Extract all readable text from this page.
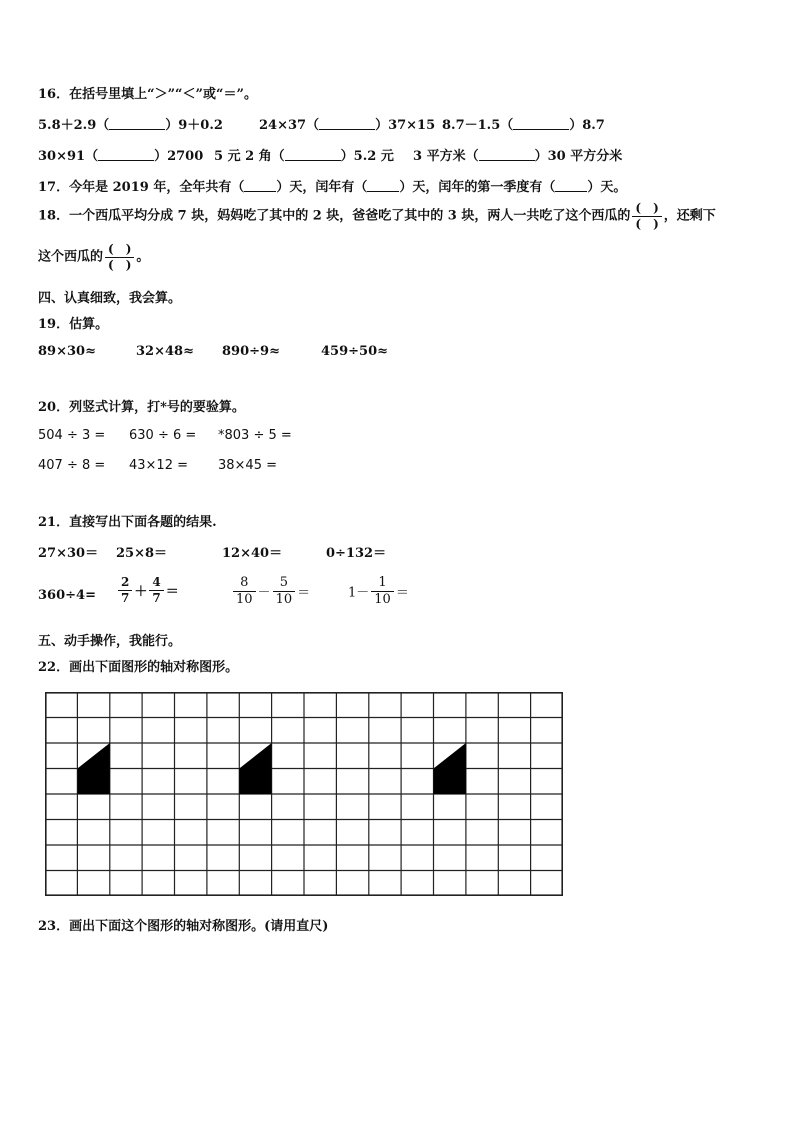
16．在括号里填上“＞”“＜”或“＝”。
5.8＋2.9（	）9＋0.2	24×37（	）37×15 8.7－1.5（	）8.7
30×91（	）2700 5 元 2 角（	）5.2 元 3 平方米（	）30 平方分米
17．今年是 2019 年，全年共有（ ）天，闰年有（ ）天，闰年的第一季度有（ ）天。
18．一个西瓜平均分成 7 块，妈妈吃了其中的 2 块，爸爸吃了其中的 3 块，两人一共吃了这个西瓜的 $\frac{( )}{( )}$ ，还剩下
这个西瓜的 $\frac{( )}{( )}$ 。
四、认真细致，我会算。
19．估算。
89×30≈	32×48≈ 890÷9≈	459÷50≈
20．列竖式计算，打*号的要验算。
504 ÷ 3 = 630 ÷ 6 = *803 ÷ 5 =
407 ÷ 8 = 43×12 = 38×45 =
21．直接写出下面各题的结果.
27×30＝ 25×8＝	12×40＝	0÷132＝
$360\div 4= \frac{2}{7} + \frac{4}{7}$ ＝	$\frac{8}{10} - \frac{5}{10}$ ＝	$1- \frac{1}{10}$ ＝
五、动手操作，我能行。
22．画出下面图形的轴对称图形。
23．画出下面这个图形的轴对称图形。(请用直尺)
